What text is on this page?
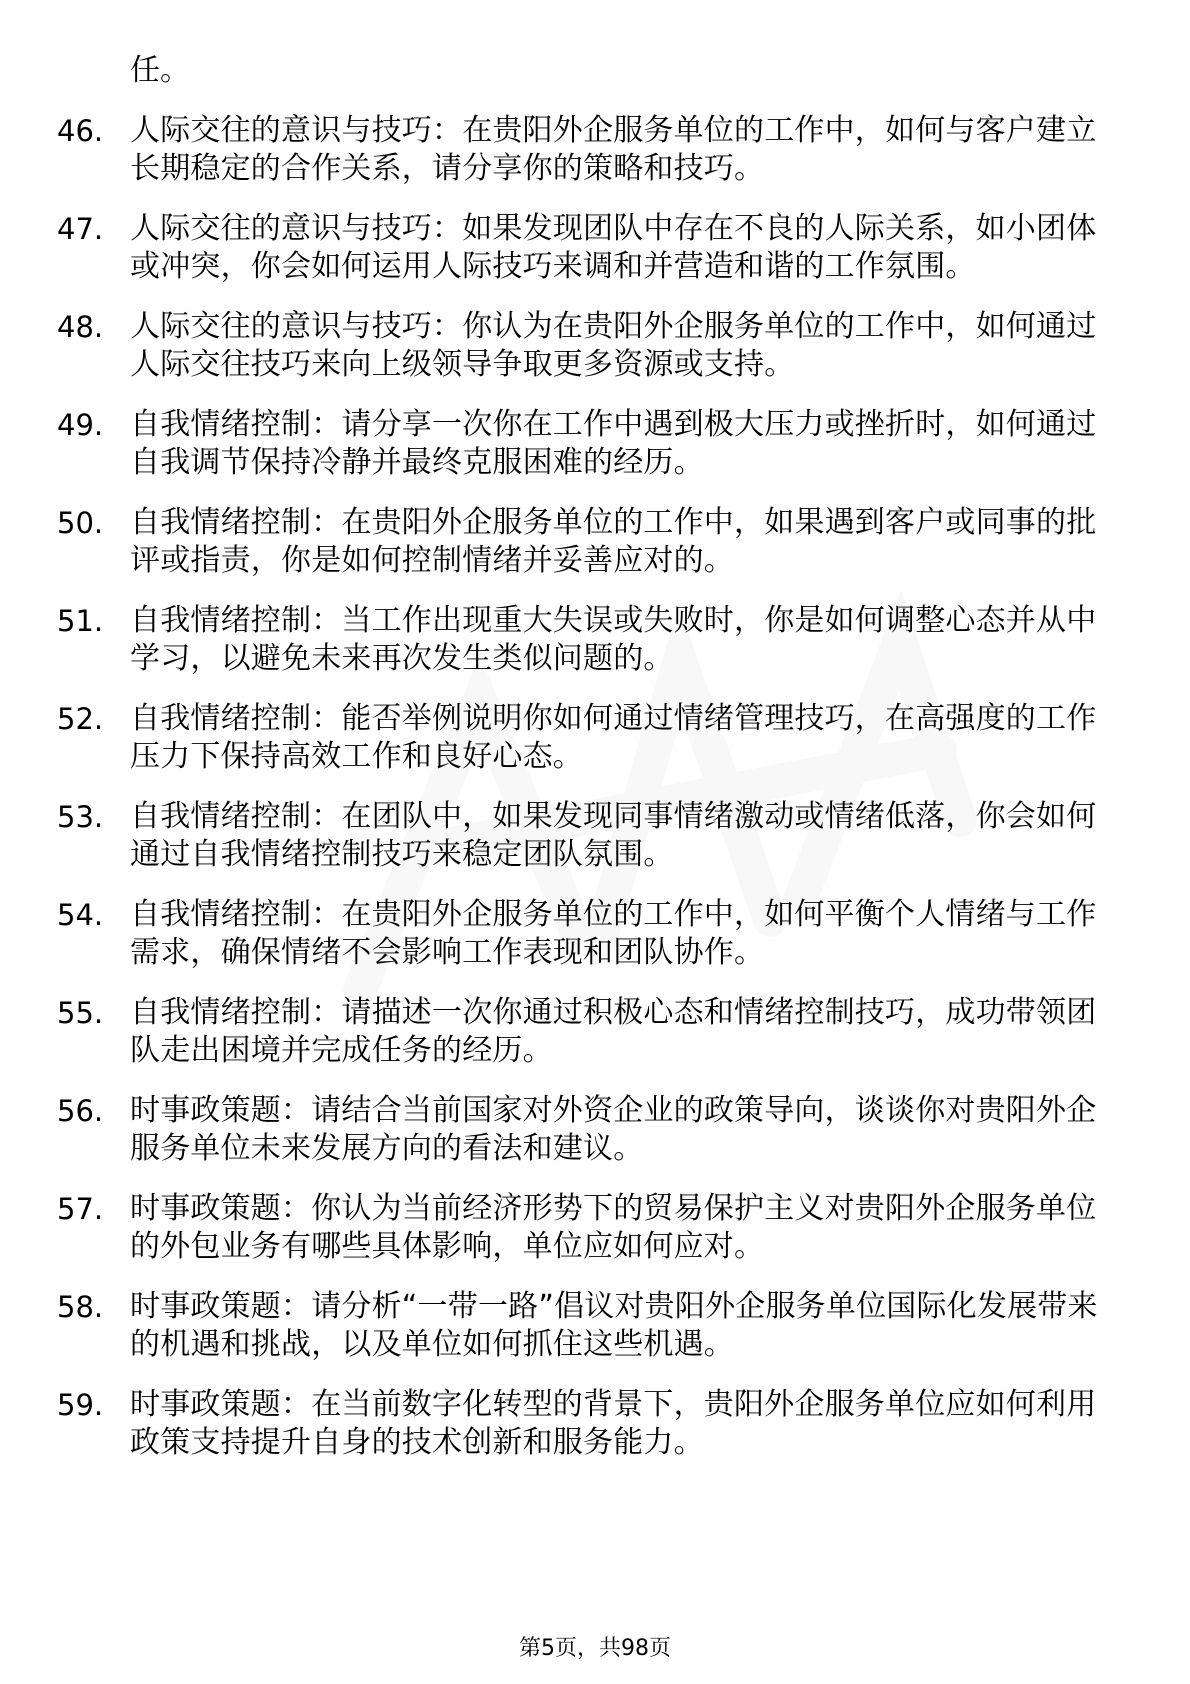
任。

46. 人际交往的意识与技巧：在贵阳外企服务单位的工作中，如何与客户建立长期稳定的合作关系，请分享你的策略和技巧。
47. 人际交往的意识与技巧：如果发现团队中存在不良的人际关系，如小团体或冲突，你会如何运用人际技巧来调和并营造和谐的工作氛围。
48. 人际交往的意识与技巧：你认为在贵阳外企服务单位的工作中，如何通过人际交往技巧来向上级领导争取更多资源或支持。
49. 自我情绪控制：请分享一次你在工作中遇到极大压力或挫折时，如何通过自我调节保持冷静并最终克服困难的经历。
50. 自我情绪控制：在贵阳外企服务单位的工作中，如果遇到客户或同事的批评或指责，你是如何控制情绪并妥善应对的。
51. 自我情绪控制：当工作出现重大失误或失败时，你是如何调整心态并从中学习，以避免未来再次发生类似问题的。
52. 自我情绪控制：能否举例说明你如何通过情绪管理技巧，在高强度的工作压力下保持高效工作和良好心态。
53. 自我情绪控制：在团队中，如果发现同事情绪激动或情绪低落，你会如何通过自我情绪控制技巧来稳定团队氛围。
54. 自我情绪控制：在贵阳外企服务单位的工作中，如何平衡个人情绪与工作需求，确保情绪不会影响工作表现和团队协作。
55. 自我情绪控制：请描述一次你通过积极心态和情绪控制技巧，成功带领团队走出困境并完成任务的经历。
56. 时事政策题：请结合当前国家对外资企业的政策导向，谈谈你对贵阳外企服务单位未来发展方向的看法和建议。
57. 时事政策题：你认为当前经济形势下的贸易保护主义对贵阳外企服务单位的外包业务有哪些具体影响，单位应如何应对。
58. 时事政策题：请分析“一带一路”倡议对贵阳外企服务单位国际化发展带来的机遇和挑战，以及单位如何抓住这些机遇。
59. 时事政策题：在当前数字化转型的背景下，贵阳外企服务单位应如何利用政策支持提升自身的技术创新和服务能力。
第5页，共98页
